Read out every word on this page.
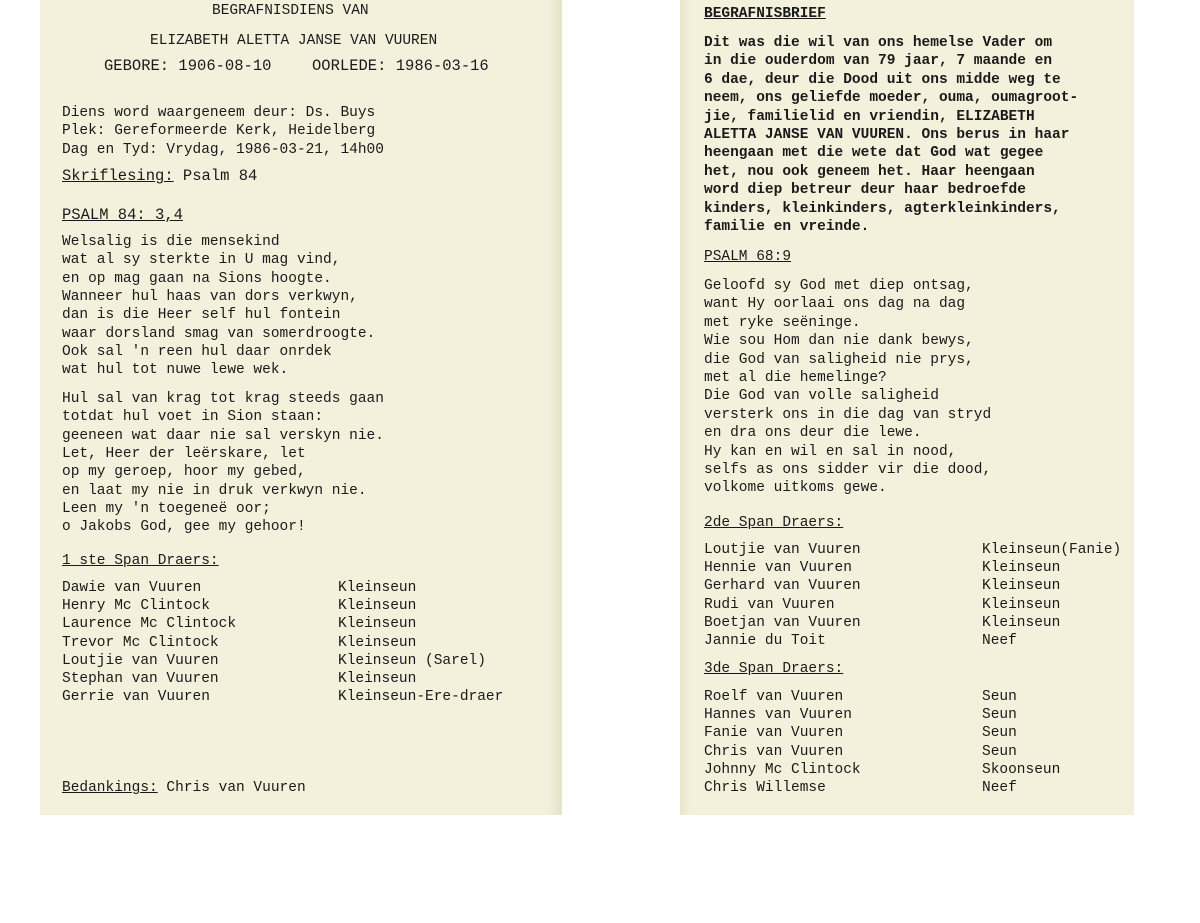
BEGRAFNISDIENS VAN
ELIZABETH ALETTA JANSE VAN VUUREN
GEBORE: 1906-08-10	OORLEDE: 1986-03-16
Diens word waargeneem deur: Ds. Buys
Plek: Gereformeerde Kerk, Heidelberg
Dag en Tyd: Vrydag, 1986-03-21, 14h00
Skriflesing: Psalm 84
PSALM 84: 3,4
Welsalig is die mensekind
wat al sy sterkte in U mag vind,
en op mag gaan na Sions hoogte.
Wanneer hul haas van dors verkwyn,
dan is die Heer self hul fontein
waar dorsland smag van somerdroogte.
Ook sal 'n reen hul daar onrdek
wat hul tot nuwe lewe wek.
Hul sal van krag tot krag steeds gaan
totdat hul voet in Sion staan:
geeneen wat daar nie sal verskyn nie.
Let, Heer der leërskare, let
op my geroep, hoor my gebed,
en laat my nie in druk verkwyn nie.
Leen my 'n toegeneë oor;
o Jakobs God, gee my gehoor!
1 ste Span Draers:
Dawie van Vuuren	Kleinseun
Henry Mc Clintock	Kleinseun
Laurence Mc Clintock	Kleinseun
Trevor Mc Clintock	Kleinseun
Loutjie van Vuuren	Kleinseun (Sarel)
Stephan van Vuuren	Kleinseun
Gerrie van Vuuren	Kleinseun-Ere-draer
Bedankings: Chris van Vuuren
BEGRAFNISBRIEF
Dit was die wil van ons hemelse Vader om
in die ouderdom van 79 jaar, 7 maande en
6 dae, deur die Dood uit ons midde weg te
neem, ons geliefde moeder, ouma, oumagroot-
jie, familielid en vriendin, ELIZABETH
ALETTA JANSE VAN VUUREN. Ons berus in haar
heengaan met die wete dat God wat gegee
het, nou ook geneem het. Haar heengaan
word diep betreur deur haar bedroefde
kinders, kleinkinders, agterkleinkinders,
familie en vreinde.
PSALM 68:9
Geloofd sy God met diep ontsag,
want Hy oorlaai ons dag na dag
met ryke seëninge.
Wie sou Hom dan nie dank bewys,
die God van saligheid nie prys,
met al die hemelinge?
Die God van volle saligheid
versterk ons in die dag van stryd
en dra ons deur die lewe.
Hy kan en wil en sal in nood,
selfs as ons sidder vir die dood,
volkome uitkoms gewe.
2de Span Draers:
Loutjie van Vuuren	Kleinseun(Fanie)
Hennie van Vuuren	Kleinseun
Gerhard van Vuuren	Kleinseun
Rudi van Vuuren	Kleinseun
Boetjan van Vuuren	Kleinseun
Jannie du Toit	Neef
3de Span Draers:
Roelf van Vuuren	Seun
Hannes van Vuuren	Seun
Fanie van Vuuren	Seun
Chris van Vuuren	Seun
Johnny Mc Clintock	Skoonseun
Chris Willemse	Neef
